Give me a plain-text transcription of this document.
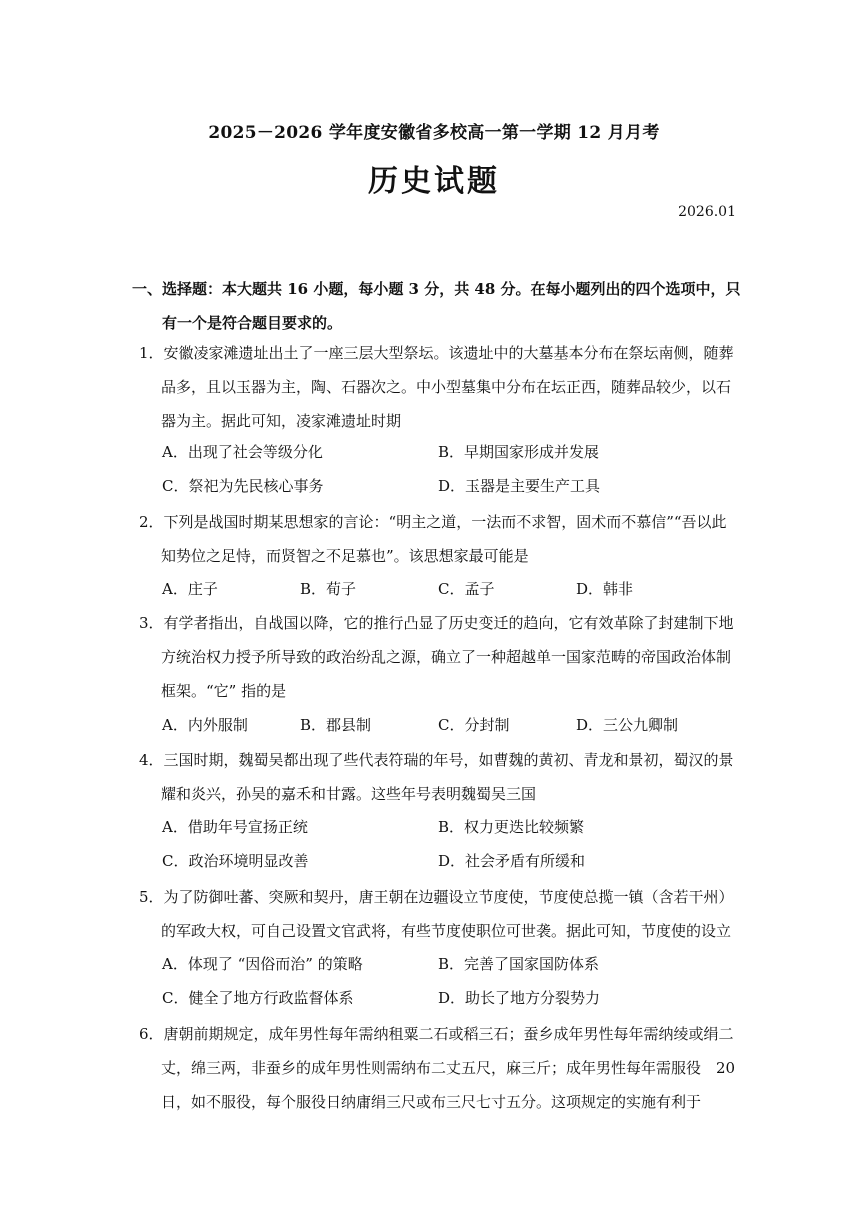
2025－2026 学年度安徽省多校高一第一学期 12 月月考
历史试题
2026.01
一、选择题：本大题共 16 小题，每小题 3 分，共 48 分。在每小题列出的四个选项中，只
有一个是符合题目要求的。
1．安徽凌家滩遗址出土了一座三层大型祭坛。该遗址中的大墓基本分布在祭坛南侧，随葬
品多，且以玉器为主，陶、石器次之。中小型墓集中分布在坛正西，随葬品较少，以石
器为主。据此可知，凌家滩遗址时期
A．出现了社会等级分化	B．早期国家形成并发展
C．祭祀为先民核心事务	D．玉器是主要生产工具
2．下列是战国时期某思想家的言论：“明主之道，一法而不求智，固术而不慕信”“吾以此
知势位之足恃，而贤智之不足慕也”。该思想家最可能是
A．庄子	B．荀子	C．孟子	D．韩非
3．有学者指出，自战国以降，它的推行凸显了历史变迁的趋向，它有效革除了封建制下地
方统治权力授予所导致的政治纷乱之源，确立了一种超越单一国家范畴的帝国政治体制
框架。“它” 指的是
A．内外服制	B．郡县制	C．分封制	D．三公九卿制
4．三国时期，魏蜀吴都出现了些代表符瑞的年号，如曹魏的黄初、青龙和景初，蜀汉的景
耀和炎兴，孙吴的嘉禾和甘露。这些年号表明魏蜀吴三国
A．借助年号宣扬正统	B．权力更迭比较频繁
C．政治环境明显改善	D．社会矛盾有所缓和
5．为了防御吐蕃、突厥和契丹，唐王朝在边疆设立节度使，节度使总揽一镇（含若干州）
的军政大权，可自己设置文官武将，有些节度使职位可世袭。据此可知，节度使的设立
A．体现了 “因俗而治” 的策略	B．完善了国家国防体系
C．健全了地方行政监督体系	D．助长了地方分裂势力
6．唐朝前期规定，成年男性每年需纳租粟二石或稻三石；蚕乡成年男性每年需纳绫或绢二
丈，绵三两，非蚕乡的成年男性则需纳布二丈五尺，麻三斤；成年男性每年需服役　20
日，如不服役，每个服役日纳庸绢三尺或布三尺七寸五分。这项规定的实施有利于
